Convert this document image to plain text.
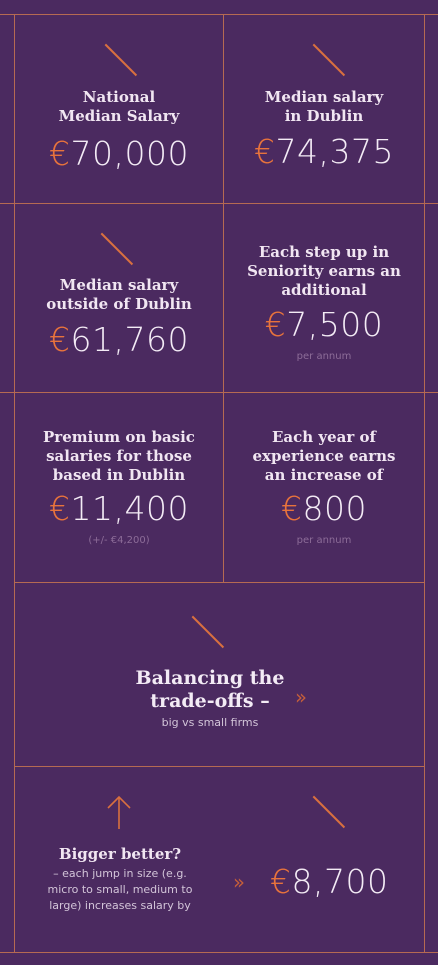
National
Median Salary
€70,000
Median salary
in Dublin
€74,375
Median salary
outside of Dublin
€61,760
Each step up in
Seniority earns an
additional
€7,500
per annum
Premium on basic
salaries for those
based in Dublin
€11,400
(+/- €4,200)
Each year of
experience earns
an increase of
€800
per annum
Balancing the
trade-offs –
big vs small firms
››
Bigger better?
– each jump in size (e.g.
micro to small, medium to
large) increases salary by
›› €8,700
